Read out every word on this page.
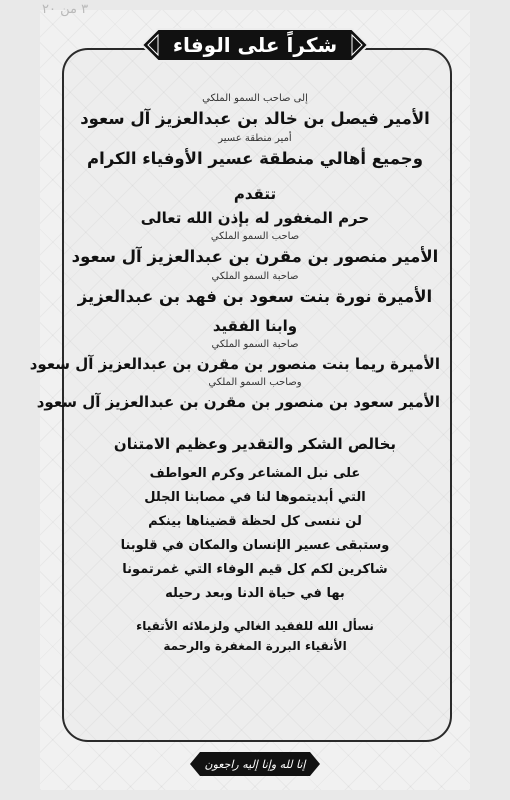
٣ من ٢٠
شكراً على الوفاء
إلى صاحب السمو الملكي
الأمير فيصل بن خالد بن عبدالعزيز آل سعود
أمير منطقة عسير
وجميع أهالي منطقة عسير الأوفياء الكرام
تتقدم
حرم المغفور له بإذن الله تعالى
صاحب السمو الملكي
الأمير منصور بن مقرن بن عبدالعزيز آل سعود
صاحبة السمو الملكي
الأميرة نورة بنت سعود بن فهد بن عبدالعزيز
وابنا الفقيد
صاحبة السمو الملكي
الأميرة ريما بنت منصور بن مقرن بن عبدالعزيز آل سعود
وصاحب السمو الملكي
الأمير سعود بن منصور بن مقرن بن عبدالعزيز آل سعود
بخالص الشكر والتقدير وعظيم الامتنان
على نبل المشاعر وكرم العواطف
التي أبديتموها لنا في مصابنا الجلل
لن ننسى كل لحظة قضيناها بينكم
وستبقى عسير الإنسان والمكان في قلوبنا
شاكرين لكم كل قيم الوفاء التي غمرتمونا
بها في حياة الدنا وبعد رحيله
نسأل الله للفقيد الغالي ولزملائه الأتقياء
الأنقياء البررة المغفرة والرحمة
إنا لله وإنا إليه راجعون
